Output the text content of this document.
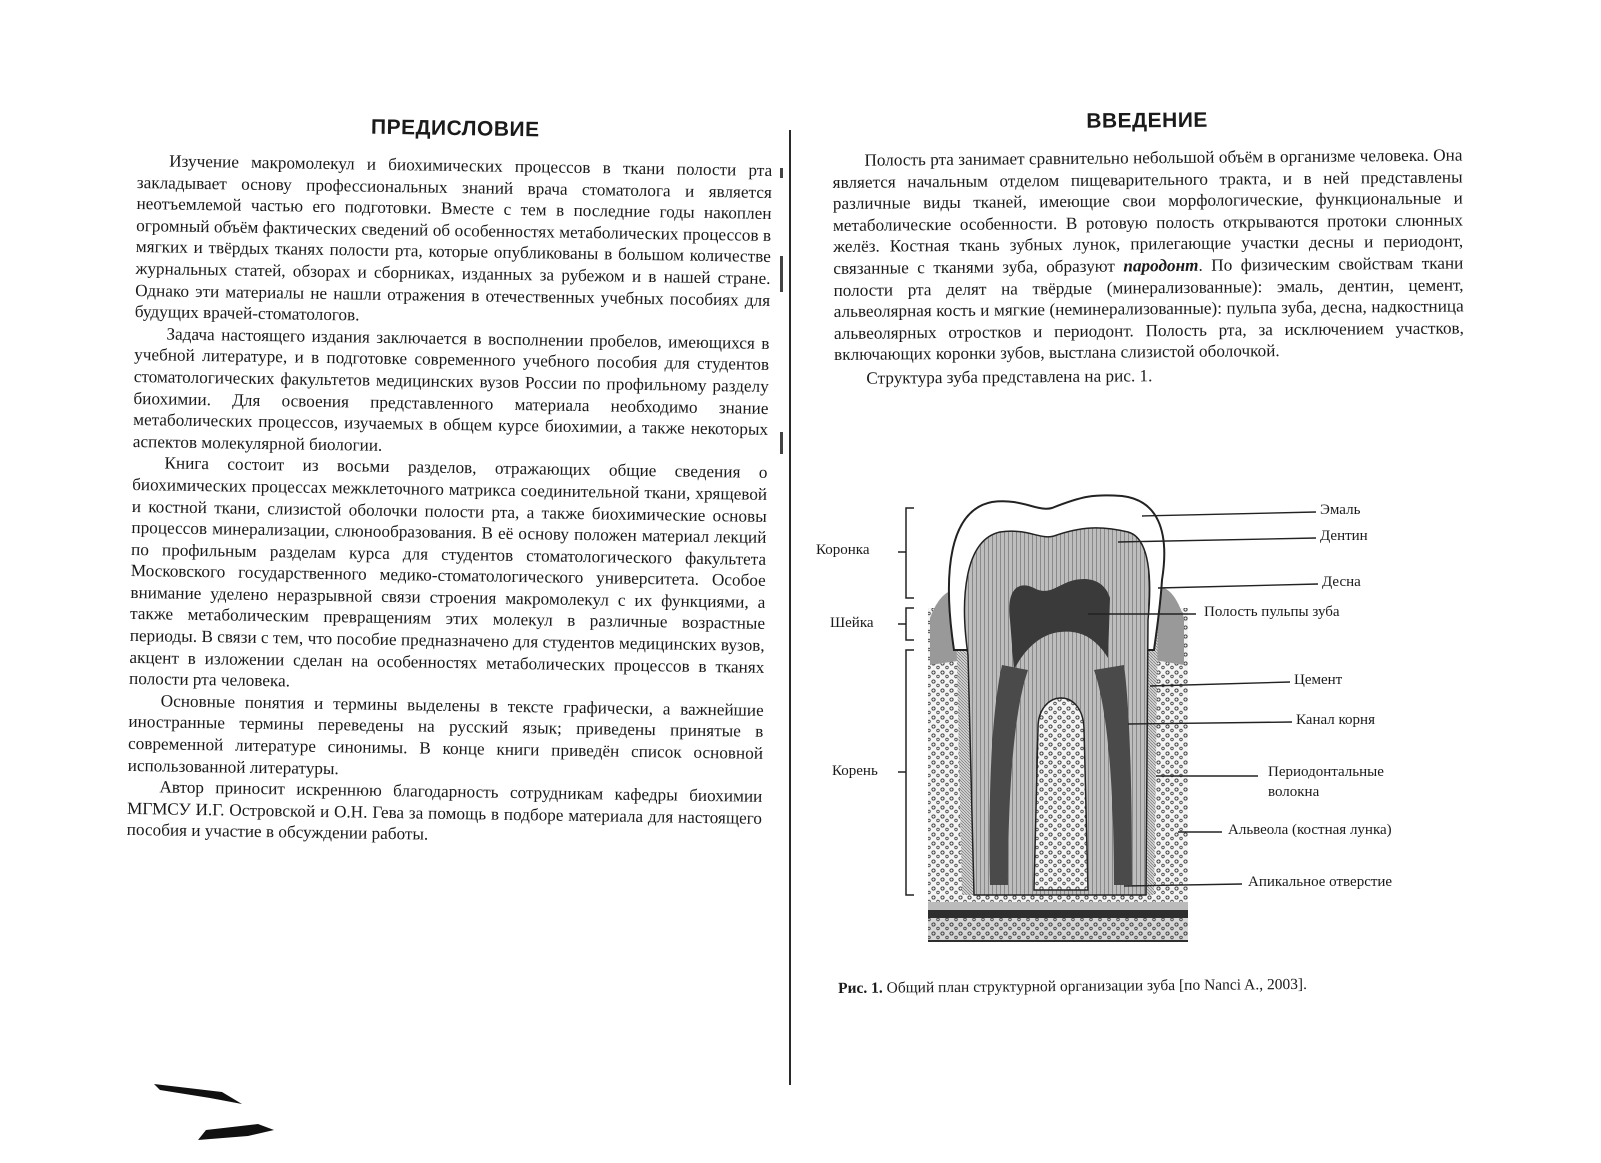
ПРЕДИСЛОВИЕ

Изучение макромолекул и биохимических процессов в ткани полости рта закладывает основу профессиональных знаний врача стоматолога и является неотъемлемой частью его подготовки. Вместе с тем в последние годы накоплен огромный объём фактических сведений об особенностях метаболических процессов в мягких и твёрдых тканях полости рта, которые опубликованы в большом количестве журнальных статей, обзорах и сборниках, изданных за рубежом и в нашей стране. Однако эти материалы не нашли отражения в отечественных учебных пособиях для будущих врачей-стоматологов.

Задача настоящего издания заключается в восполнении пробелов, имеющихся в учебной литературе, и в подготовке современного учебного пособия для студентов стоматологических факультетов медицинских вузов России по профильному разделу биохимии. Для освоения представленного материала необходимо знание метаболических процессов, изучаемых в общем курсе биохимии, а также некоторых аспектов молекулярной биологии.

Книга состоит из восьми разделов, отражающих общие сведения о биохимических процессах межклеточного матрикса соединительной ткани, хрящевой и костной ткани, слизистой оболочки полости рта, а также биохимические основы процессов минерализации, слюнообразования. В её основу положен материал лекций по профильным разделам курса для студентов стоматологического факультета Московского государственного медико-стоматологического университета. Особое внимание уделено неразрывной связи строения макромолекул с их функциями, а также метаболическим превращениям этих молекул в различные возрастные периоды. В связи с тем, что пособие предназначено для студентов медицинских вузов, акцент в изложении сделан на особенностях метаболических процессов в тканях полости рта человека.

Основные понятия и термины выделены в тексте графически, а важнейшие иностранные термины переведены на русский язык; приведены принятые в современной литературе синонимы. В конце книги приведён список основной использованной литературы.

Автор приносит искреннюю благодарность сотрудникам кафедры биохимии МГМСУ И.Г. Островской и О.Н. Гева за помощь в подборе материала для настоящего пособия и участие в обсуждении работы.

ВВЕДЕНИЕ

Полость рта занимает сравнительно небольшой объём в организме человека. Она является начальным отделом пищеварительного тракта, и в ней представлены различные виды тканей, имеющие свои морфологические, функциональные и метаболические особенности. В ротовую полость открываются протоки слюнных желёз. Костная ткань зубных лунок, прилегающие участки десны и периодонт, связанные с тканями зуба, образуют пародонт. По физическим свойствам ткани полости рта делят на твёрдые (минерализованные): эмаль, дентин, цемент, альвеолярная кость и мягкие (неминерализованные): пульпа зуба, десна, надкостница альвеолярных отростков и периодонт. Полость рта, за исключением участков, включающих коронки зубов, выстлана слизистой оболочкой.

Структура зуба представлена на рис. 1.

Коронка
Шейка
Корень
Эмаль
Дентин
Десна
Полость пульпы зуба
Цемент
Канал корня
Периодонтальные
волокна
Альвеола (костная лунка)
Апикальное отверстие
Рис. 1. Общий план структурной организации зуба [по Nanci A., 2003].
